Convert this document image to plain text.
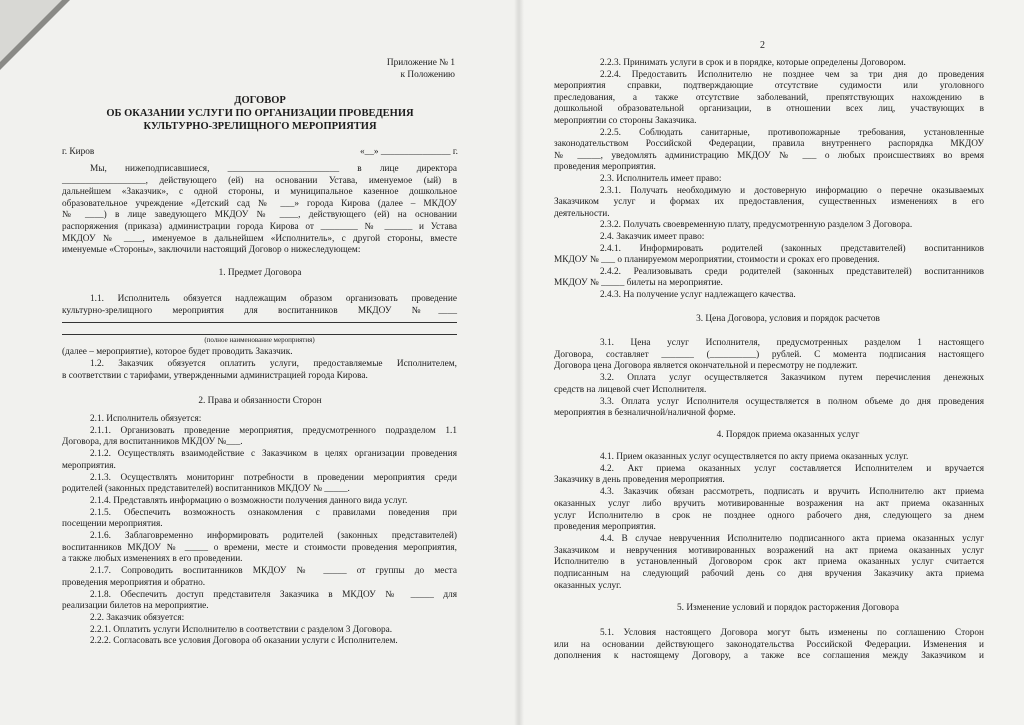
Приложение № 1
к Положению
ДОГОВОР
ОБ ОКАЗАНИИ УСЛУГИ ПО ОРГАНИЗАЦИИ ПРОВЕДЕНИЯ
КУЛЬТУРНО-ЗРЕЛИЩНОГО МЕРОПРИЯТИЯ
г. Киров	«__» _______________ г.
Мы, нижеподписавшиеся, ________________________ в лице директора
__________________, действующего (ей) на основании Устава, именуемое (ый) в
дальнейшем «Заказчик», с одной стороны, и муниципальное казенное дошкольное
образовательное учреждение «Детский сад № ___» города Кирова (далее – МКДОУ
№ ____) в лице заведующего МКДОУ № ____, действующего (ей) на основании
распоряжения (приказа) администрации города Кирова от ________ № ______ и Устава
МКДОУ № ____, именуемое в дальнейшем «Исполнитель», с другой стороны, вместе
именуемые «Стороны», заключили настоящий Договор о нижеследующем:
1. Предмет Договора
1.1. Исполнитель обязуется надлежащим образом организовать проведение
культурно-зрелищного мероприятия для воспитанников МКДОУ №____
(полное наименование мероприятия)
(далее – мероприятие), которое будет проводить Заказчик.
1.2. Заказчик обязуется оплатить услуги, предоставляемые Исполнителем,
в соответствии с тарифами, утвержденными администрацией города Кирова.
2. Права и обязанности Сторон
2.1. Исполнитель обязуется:
2.1.1. Организовать проведение мероприятия, предусмотренного подразделом 1.1
Договора, для воспитанников МКДОУ №___.
2.1.2. Осуществлять взаимодействие с Заказчиком в целях организации проведения
мероприятия.
2.1.3. Осуществлять мониторинг потребности в проведении мероприятия среди
родителей (законных представителей) воспитанников МКДОУ № _____.
2.1.4. Представлять информацию о возможности получения данного вида услуг.
2.1.5. Обеспечить возможность ознакомления с правилами поведения при
посещении мероприятия.
2.1.6. Заблаговременно информировать родителей (законных представителей)
воспитанников МКДОУ № _____ о времени, месте и стоимости проведения мероприятия,
а также любых изменениях в его проведении.
2.1.7. Сопроводить воспитанников МКДОУ № _____ от группы до места
проведения мероприятия и обратно.
2.1.8. Обеспечить доступ представителя Заказчика в МКДОУ № _____ для
реализации билетов на мероприятие.
2.2. Заказчик обязуется:
2.2.1. Оплатить услуги Исполнителю в соответствии с разделом 3 Договора.
2.2.2. Согласовать все условия Договора об оказании услуги с Исполнителем.
2
2.2.3. Принимать услуги в срок и в порядке, которые определены Договором.
2.2.4. Предоставить Исполнителю не позднее чем за три дня до проведения
мероприятия справки, подтверждающие отсутствие судимости или уголовного
преследования, а также отсутствие заболеваний, препятствующих нахождению в
дошкольной образовательной организации, в отношении всех лиц, участвующих в
мероприятии со стороны Заказчика.
2.2.5. Соблюдать санитарные, противопожарные требования, установленные
законодательством Российской Федерации, правила внутреннего распорядка МКДОУ
№ _____, уведомлять администрацию МКДОУ № ___ о любых происшествиях во время
проведения мероприятия.
2.3. Исполнитель имеет право:
2.3.1. Получать необходимую и достоверную информацию о перечне оказываемых
Заказчиком услуг и формах их предоставления, существенных изменениях в его
деятельности.
2.3.2. Получать своевременную плату, предусмотренную разделом 3 Договора.
2.4. Заказчик имеет право:
2.4.1. Информировать родителей (законных представителей) воспитанников
МКДОУ № ___ о планируемом мероприятии, стоимости и сроках его проведения.
2.4.2. Реализовывать среди родителей (законных представителей) воспитанников
МКДОУ № _____ билеты на мероприятие.
2.4.3. На получение услуг надлежащего качества.
3. Цена Договора, условия и порядок расчетов
3.1. Цена услуг Исполнителя, предусмотренных разделом 1 настоящего
Договора, составляет _______ (__________) рублей. С момента подписания настоящего
Договора цена Договора является окончательной и пересмотру не подлежит.
3.2. Оплата услуг осуществляется Заказчиком путем перечисления денежных
средств на лицевой счет Исполнителя.
3.3. Оплата услуг Исполнителя осуществляется в полном объеме до дня проведения
мероприятия в безналичной/наличной форме.
4. Порядок приема оказанных услуг
4.1. Прием оказанных услуг осуществляется по акту приема оказанных услуг.
4.2. Акт приема оказанных услуг составляется Исполнителем и вручается
Заказчику в день проведения мероприятия.
4.3. Заказчик обязан рассмотреть, подписать и вручить Исполнителю акт приема
оказанных услуг либо вручить мотивированные возражения на акт приема оказанных
услуг Исполнителю в срок не позднее одного рабочего дня, следующего за днем
проведения мероприятия.
4.4. В случае неврученния Исполнителю подписанного акта приема оказанных услуг
Заказчиком и неврученния мотивированных возражений на акт приема оказанных услуг
Исполнителю в установленный Договором срок акт приема оказанных услуг считается
подписанным на следующий рабочий день со дня вручения Заказчику акта приема
оказанных услуг.
5. Изменение условий и порядок расторжения Договора
5.1. Условия настоящего Договора могут быть изменены по соглашению Сторон
или на основании действующего законодательства Российской Федерации. Изменения и
дополнения к настоящему Договору, а также все соглашения между Заказчиком и
